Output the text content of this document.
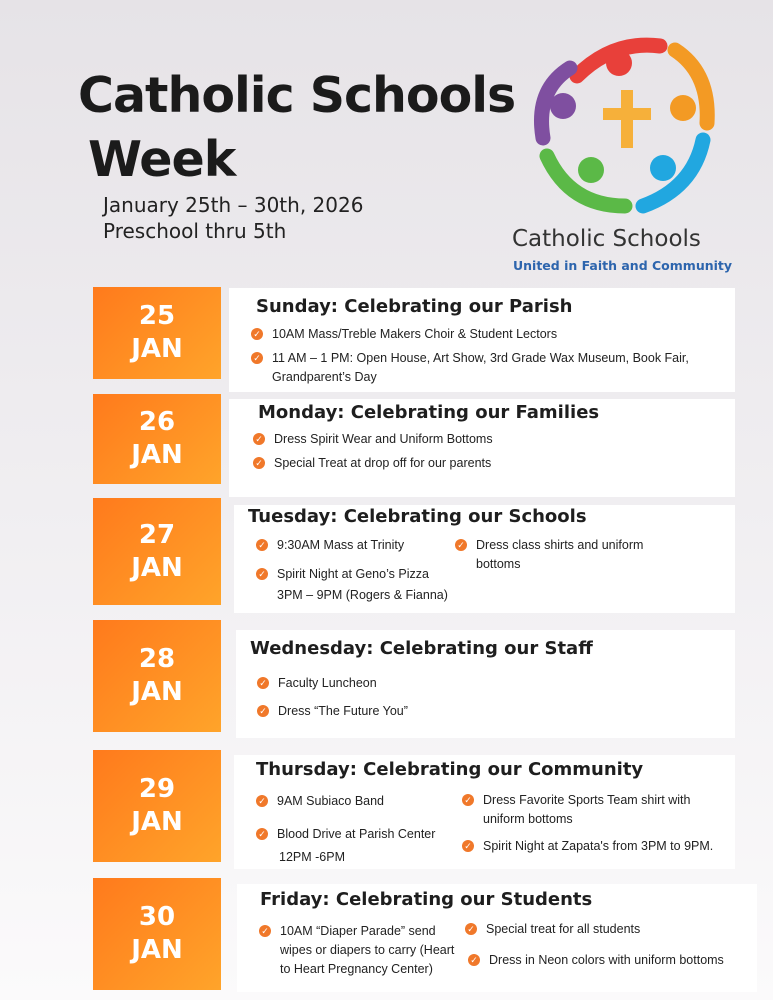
Catholic Schools
Week
January 25th – 30th, 2026
Preschool thru 5th	Catholic Schools
United in Faith and Community
25
JAN
Sunday: Celebrating our Parish
✓ 10AM Mass/Treble Makers Choir & Student Lectors
✓ 11 AM – 1 PM: Open House, Art Show, 3rd Grade Wax Museum, Book Fair, Grandparent’s Day
26
JAN
Monday: Celebrating our Families
✓ Dress Spirit Wear and Uniform Bottoms
✓ Special Treat at drop off for our parents
27
JAN
Tuesday: Celebrating our Schools
✓ 9:30AM Mass at Trinity
✓ Spirit Night at Geno’s Pizza
3PM – 9PM (Rogers & Fianna)
✓ Dress class shirts and uniform bottoms
28
JAN
Wednesday: Celebrating our Staff
✓ Faculty Luncheon
✓ Dress “The Future You”
29
JAN
Thursday: Celebrating our Community
✓ 9AM Subiaco Band
✓ Blood Drive at Parish Center
12PM -6PM
✓ Dress Favorite Sports Team shirt with uniform bottoms
✓ Spirit Night at Zapata's from 3PM to 9PM.
30
JAN
Friday: Celebrating our Students
✓ 10AM “Diaper Parade” send wipes or diapers to carry (Heart to Heart Pregnancy Center)
✓ Special treat for all students
✓ Dress in Neon colors with uniform bottoms
